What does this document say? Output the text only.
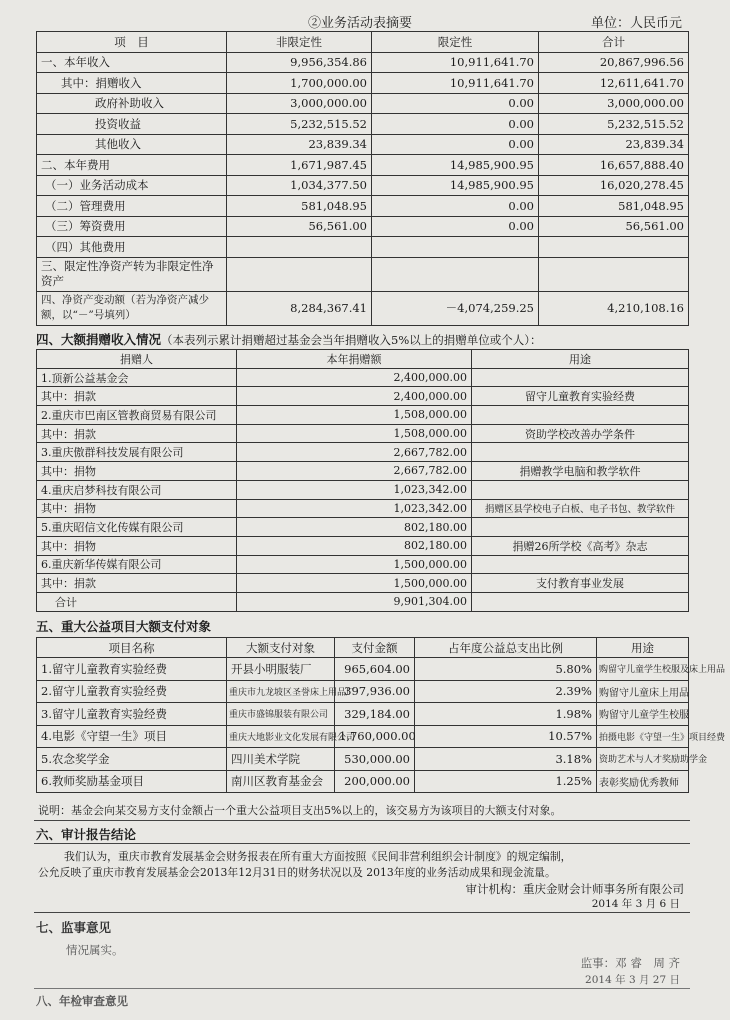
②业务活动表摘要	单位：人民币元
项　目	非限定性	限定性	合计
一、本年收入	9,956,354.86	10,911,641.70	20,867,996.56
其中：捐赠收入	1,700,000.00	10,911,641.70	12,611,641.70
政府补助收入	3,000,000.00	0.00	3,000,000.00
投资收益	5,232,515.52	0.00	5,232,515.52
其他收入	23,839.34	0.00	23,839.34
二、本年费用	1,671,987.45	14,985,900.95	16,657,888.40
（一）业务活动成本	1,034,377.50	14,985,900.95	16,020,278.45
（二）管理费用	581,048.95	0.00	581,048.95
（三）筹资费用	56,561.00	0.00	56,561.00
（四）其他费用			
三、限定性净资产转为非限定性净资产			
四、净资产变动额（若为净资产减少额，以“－”号填列）	8,284,367.41	－4,074,259.25	4,210,108.16
四、大额捐赠收入情况（本表列示累计捐赠超过基金会当年捐赠收入5%以上的捐赠单位或个人）：
捐赠人	本年捐赠额	用途
1.顶新公益基金会	2,400,000.00	
其中：捐款	2,400,000.00	留守儿童教育实验经费
2.重庆市巴南区管教商贸易有限公司	1,508,000.00	
其中：捐款	1,508,000.00	资助学校改善办学条件
3.重庆傲群科技发展有限公司	2,667,782.00	
其中：捐物	2,667,782.00	捐赠教学电脑和教学软件
4.重庆启梦科技有限公司	1,023,342.00	
其中：捐物	1,023,342.00	捐赠区县学校电子白板、电子书包、教学软件
5.重庆昭信文化传媒有限公司	802,180.00	
其中：捐物	802,180.00	捐赠26所学校《高考》杂志
6.重庆新华传媒有限公司	1,500,000.00	
其中：捐款	1,500,000.00	支付教育事业发展
合计	9,901,304.00	
五、重大公益项目大额支付对象
项目名称	大额支付对象	支付金额	占年度公益总支出比例	用途
1.留守儿童教育实验经费	开县小明服装厂	965,604.00	5.80%	购留守儿童学生校服及床上用品
2.留守儿童教育实验经费	重庆市九龙坡区圣誉床上用品厂	397,936.00	2.39%	购留守儿童床上用品
3.留守儿童教育实验经费	重庆市盛锦服装有限公司	329,184.00	1.98%	购留守儿童学生校服
4.电影《守望一生》项目	重庆大地影业文化发展有限公司	1,760,000.00	10.57%	拍摄电影《守望一生》项目经费
5.农念奖学金	四川美术学院	530,000.00	3.18%	资助艺术与人才奖励助学金
6.教师奖励基金项目	南川区教育基金会	200,000.00	1.25%	表彰奖励优秀教师
说明：基金会向某交易方支付金额占一个重大公益项目支出5%以上的，该交易方为该项目的大额支付对象。
六、审计报告结论
我们认为，重庆市教育发展基金会财务报表在所有重大方面按照《民间非营利组织会计制度》的规定编制，
公允反映了重庆市教育发展基金会2013年12月31日的财务状况以及 2013年度的业务活动成果和现金流量。
审计机构：重庆金财会计师事务所有限公司
2014 年 3 月 6 日
七、监事意见
情况属实。
监事：邓 睿　周 齐
2014 年 3 月 27 日
八、年检审查意见
